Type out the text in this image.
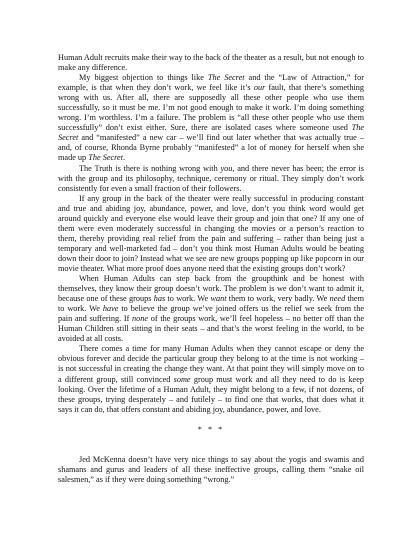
Human Adult recruits make their way to the back of the theater as a result, but not enough to make any difference.

My biggest objection to things like The Secret and the “Law of Attraction,” for example, is that when they don’t work, we feel like it’s our fault, that there’s something wrong with us. After all, there are supposedly all these other people who use them successfully, so it must be me. I’m not good enough to make it work. I’m doing something wrong. I’m worthless. I’m a failure. The problem is “all these other people who use them successfully” don’t exist either. Sure, there are isolated cases where someone used The Secret and “manifested” a new car – we’ll find out later whether that was actually true – and, of course, Rhonda Byrne probably “manifested” a lot of money for herself when she made up The Secret.

The Truth is there is nothing wrong with you, and there never has been; the error is with the group and its philosophy, technique, ceremony or ritual. They simply don’t work consistently for even a small fraction of their followers.

If any group in the back of the theater were really successful in producing constant and true and abiding joy, abundance, power, and love, don’t you think word would get around quickly and everyone else would leave their group and join that one? If any one of them were even moderately successful in changing the movies or a person’s reaction to them, thereby providing real relief from the pain and suffering – rather than being just a temporary and well-marketed fad – don’t you think most Human Adults would be beating down their door to join? Instead what we see are new groups popping up like popcorn in our movie theater. What more proof does anyone need that the existing groups don’t work?

When Human Adults can step back from the groupthink and be honest with themselves, they know their group doesn’t work. The problem is we don’t want to admit it, because one of these groups has to work. We want them to work, very badly. We need them to work. We have to believe the group we’ve joined offers us the relief we seek from the pain and suffering. If none of the groups work, we’ll feel hopeless – no better off than the Human Children still sitting in their seats – and that’s the worst feeling in the world, to be avoided at all costs.

There comes a time for many Human Adults when they cannot escape or deny the obvious forever and decide the particular group they belong to at the time is not working – is not successful in creating the change they want. At that point they will simply move on to a different group, still convinced some group must work and all they need to do is keep looking. Over the lifetime of a Human Adult, they might belong to a few, if not dozens, of these groups, trying desperately – and futilely – to find one that works, that does what it says it can do, that offers constant and abiding joy, abundance, power, and love.

* * *

Jed McKenna doesn’t have very nice things to say about the yogis and swamis and shamans and gurus and leaders of all these ineffective groups, calling them “snake oil salesmen,” as if they were doing something “wrong.”
